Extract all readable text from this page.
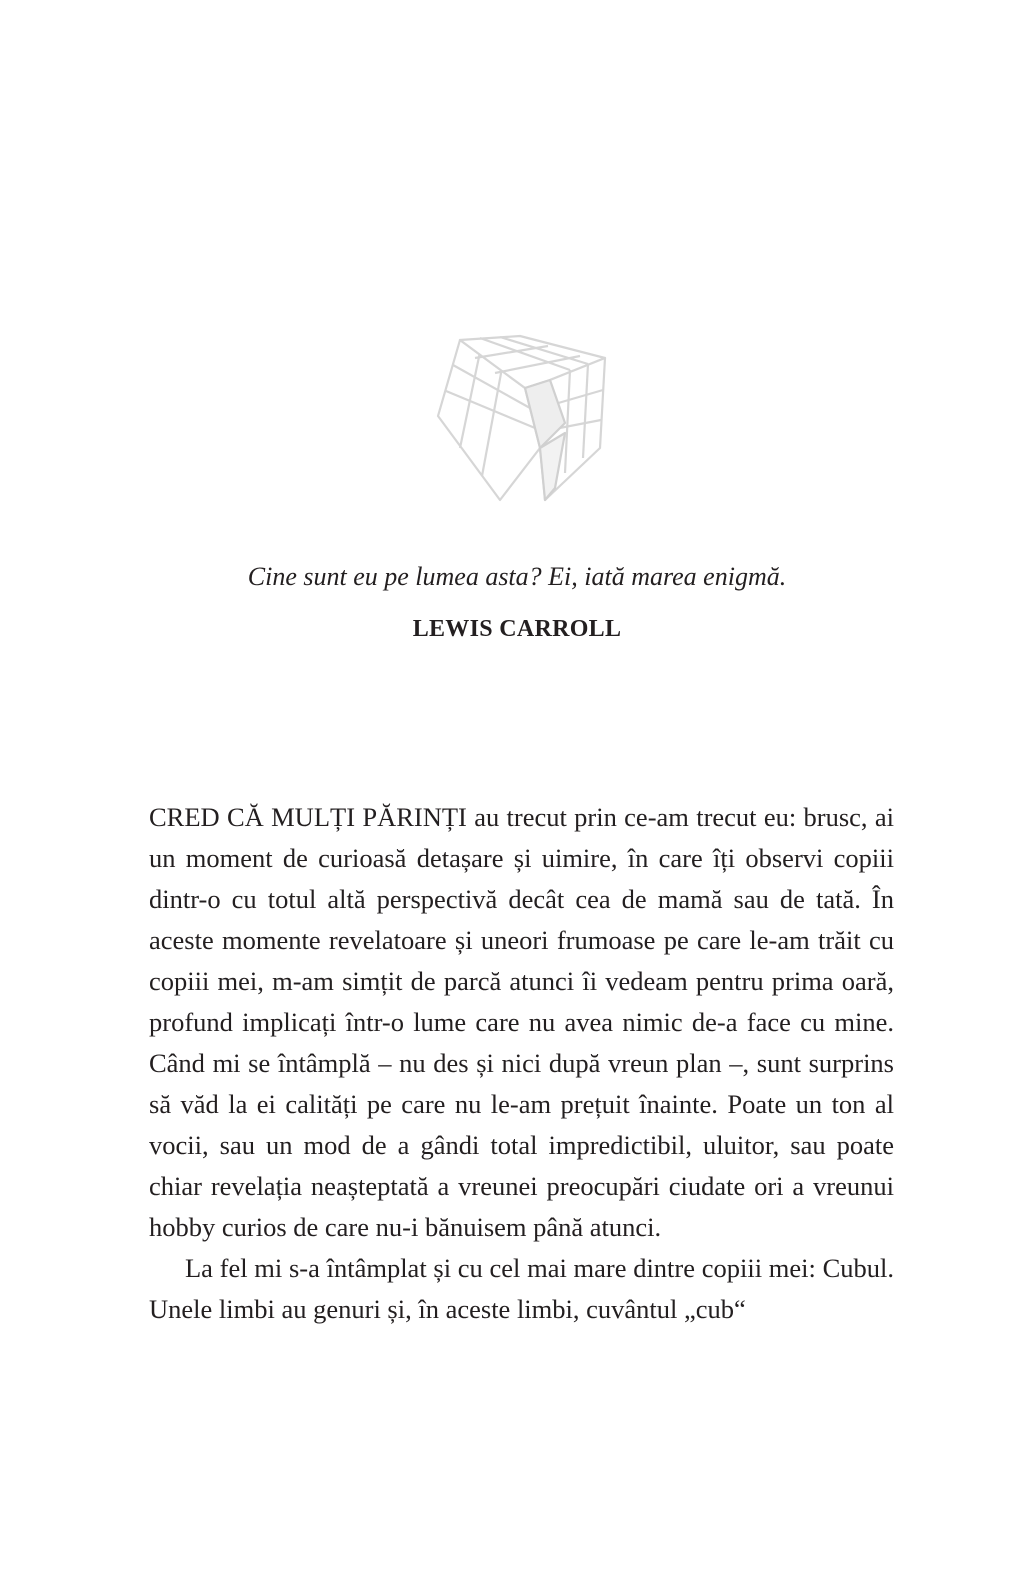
Cine sunt eu pe lumea asta? Ei, iată marea enigmă.

LEWIS CARROLL

CRED CĂ MULȚI PĂRINȚI au trecut prin ce-am trecut eu: brusc, ai un moment de curioasă detașare și uimire, în care îți observi copiii dintr-o cu totul altă perspectivă decât cea de mamă sau de tată. În aceste momente revelatoare și uneori frumoase pe care le-am trăit cu copiii mei, m-am simțit de parcă atunci îi vedeam pentru prima oară, profund implicați într-o lume care nu avea nimic de-a face cu mine. Când mi se întâmplă – nu des și nici după vreun plan –, sunt surprins să văd la ei calități pe care nu le-am prețuit înainte. Poate un ton al vocii, sau un mod de a gândi total impredictibil, uluitor, sau poate chiar revelația neașteptată a vreunei preocupări ciudate ori a vreunui hobby curios de care nu-i bănuisem până atunci.

La fel mi s-a întâmplat și cu cel mai mare dintre copiii mei: Cubul. Unele limbi au genuri și, în aceste limbi, cuvântul „cub“
